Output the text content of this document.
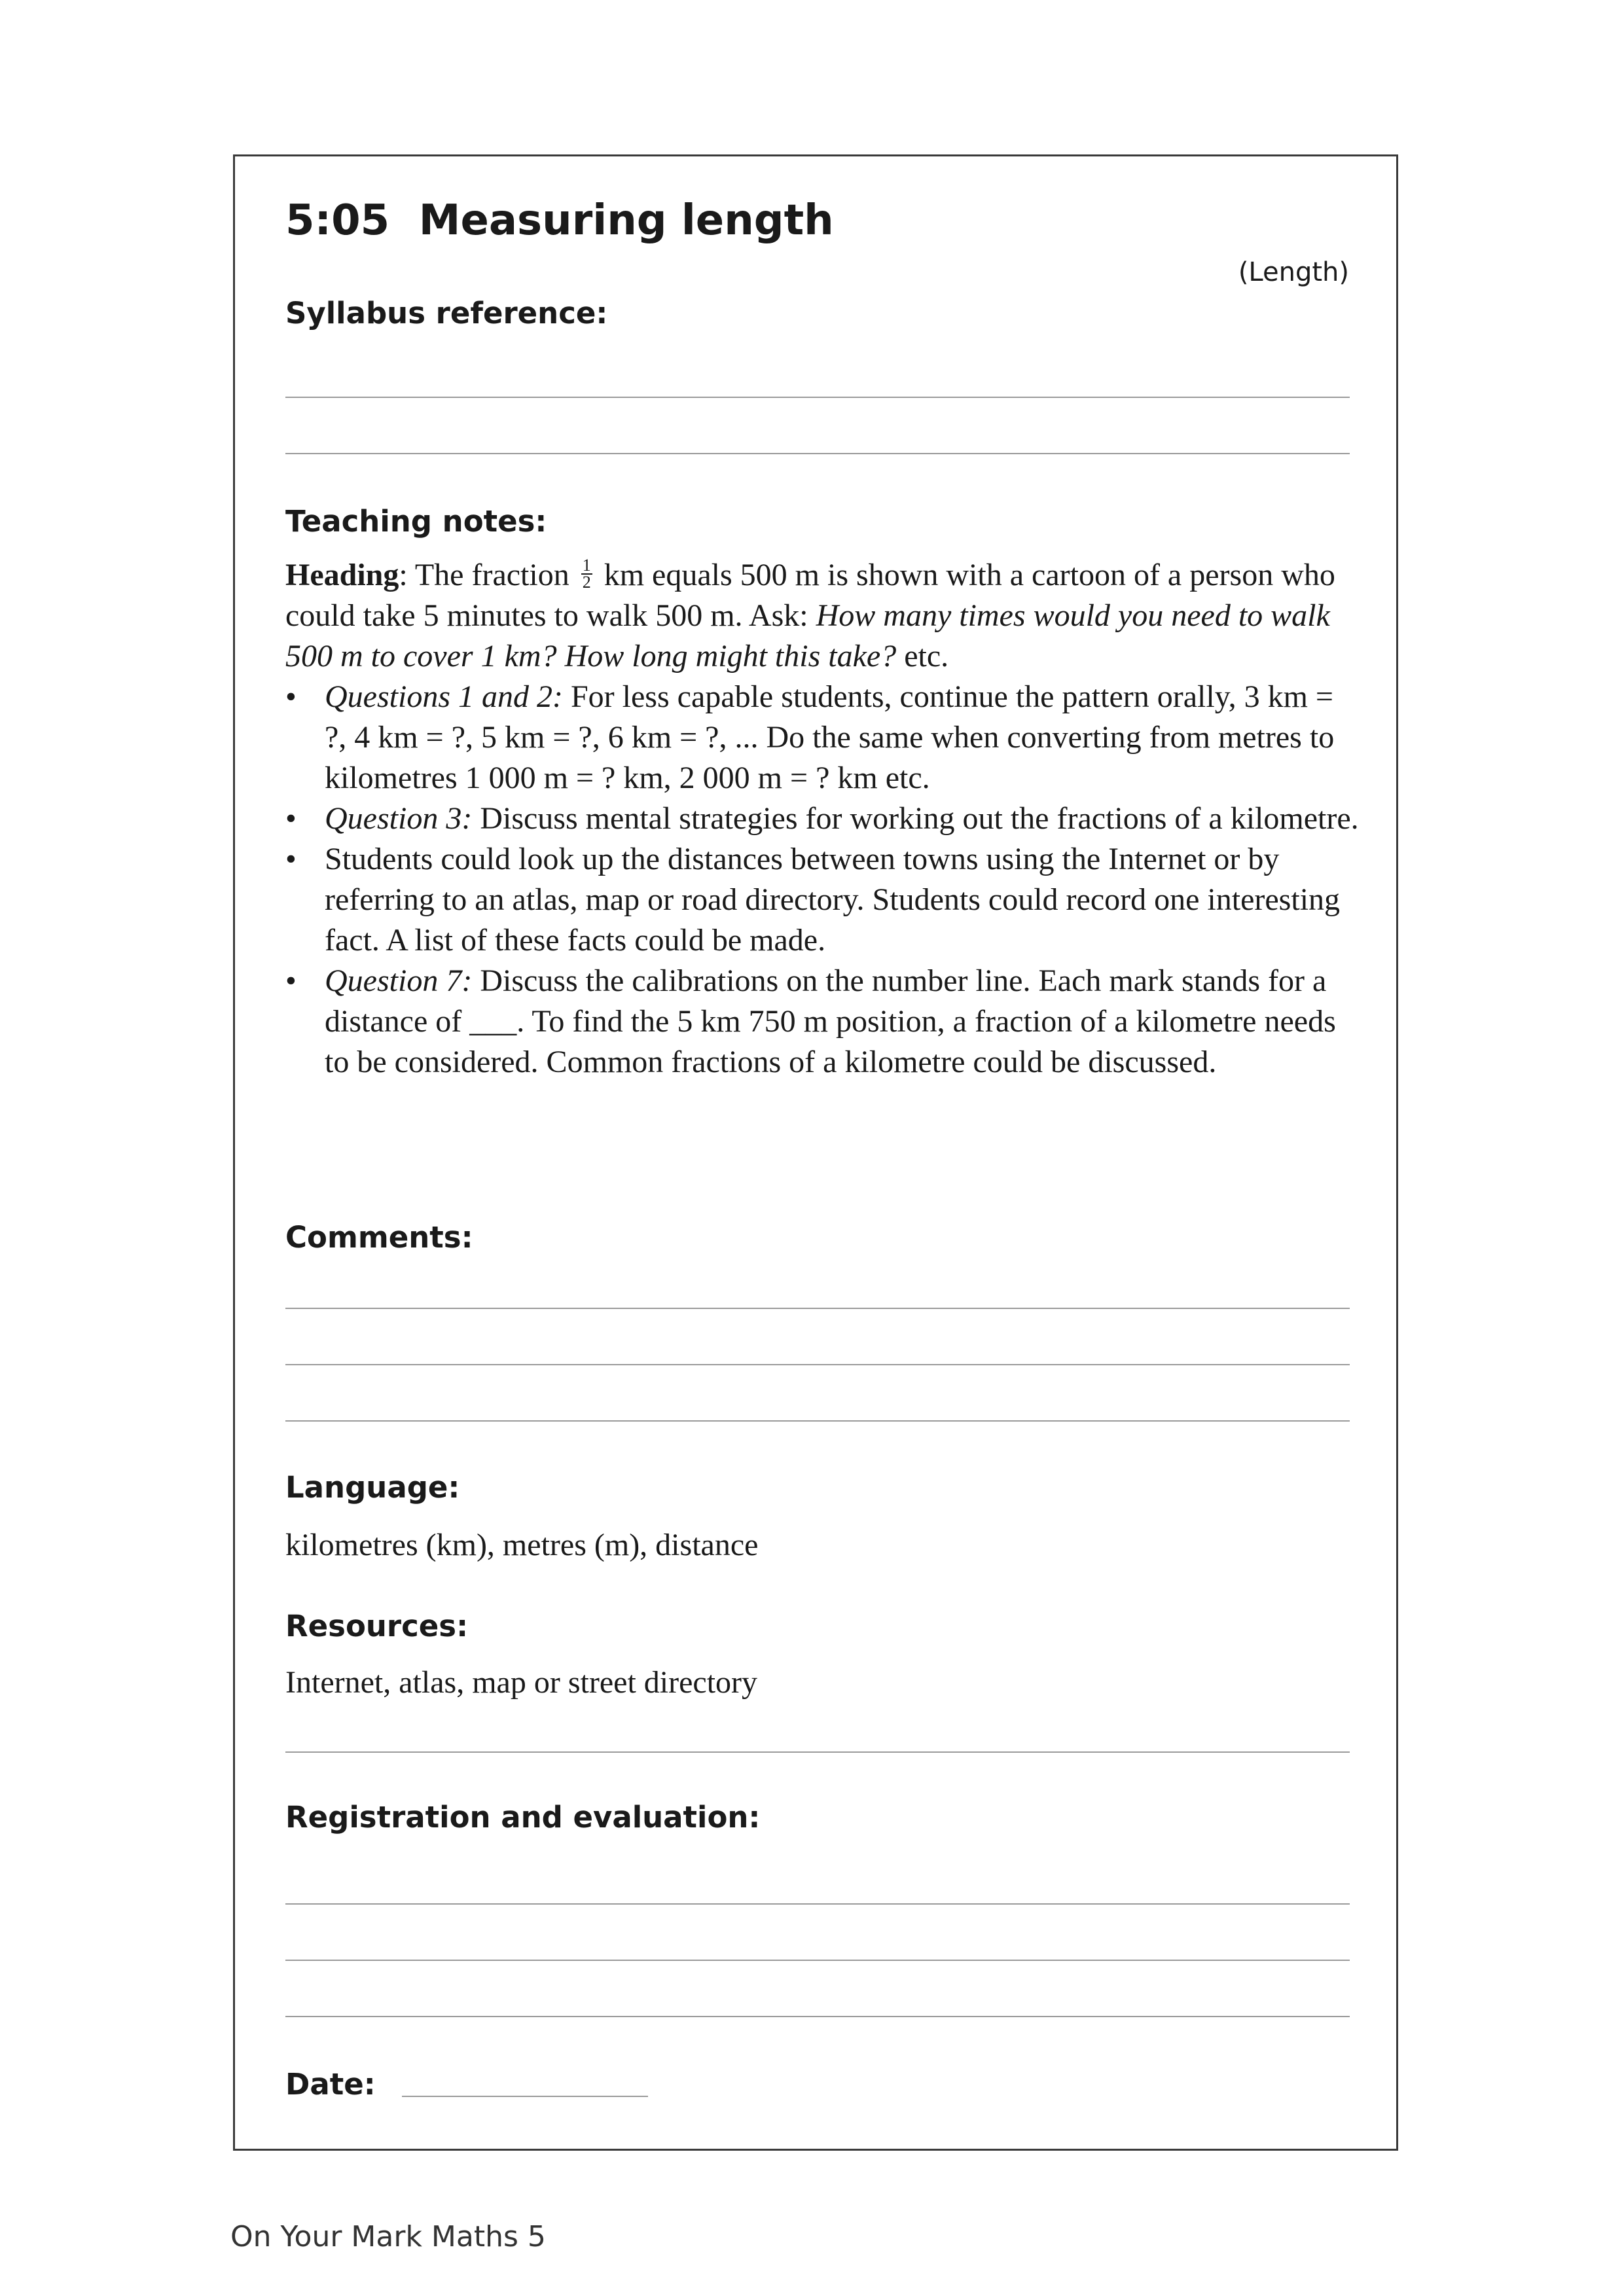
5:05  Measuring length
(Length)
Syllabus reference:
Teaching notes:

Heading: The fraction $\frac{1}{2}$ km equals 500 m is shown with a cartoon of a person who could take 5 minutes to walk 500 m. Ask: How many times would you need to walk 500 m to cover 1 km? How long might this take? etc.

• Questions 1 and 2: For less capable students, continue the pattern orally, 3 km = ?, 4 km = ?, 5 km = ?, 6 km = ?, ... Do the same when converting from metres to kilometres 1 000 m = ? km, 2 000 m = ? km etc.
• Question 3: Discuss mental strategies for working out the fractions of a kilometre.
• Students could look up the distances between towns using the Internet or by referring to an atlas, map or road directory. Students could record one interesting fact. A list of these facts could be made.
• Question 7: Discuss the calibrations on the number line. Each mark stands for a distance of ___. To find the 5 km 750 m position, a fraction of a kilometre needs to be considered. Common fractions of a kilometre could be discussed.
Comments:
Language:
kilometres (km), metres (m), distance
Resources:
Internet, atlas, map or street directory
Registration and evaluation:
Date:
On Your Mark Maths 5
